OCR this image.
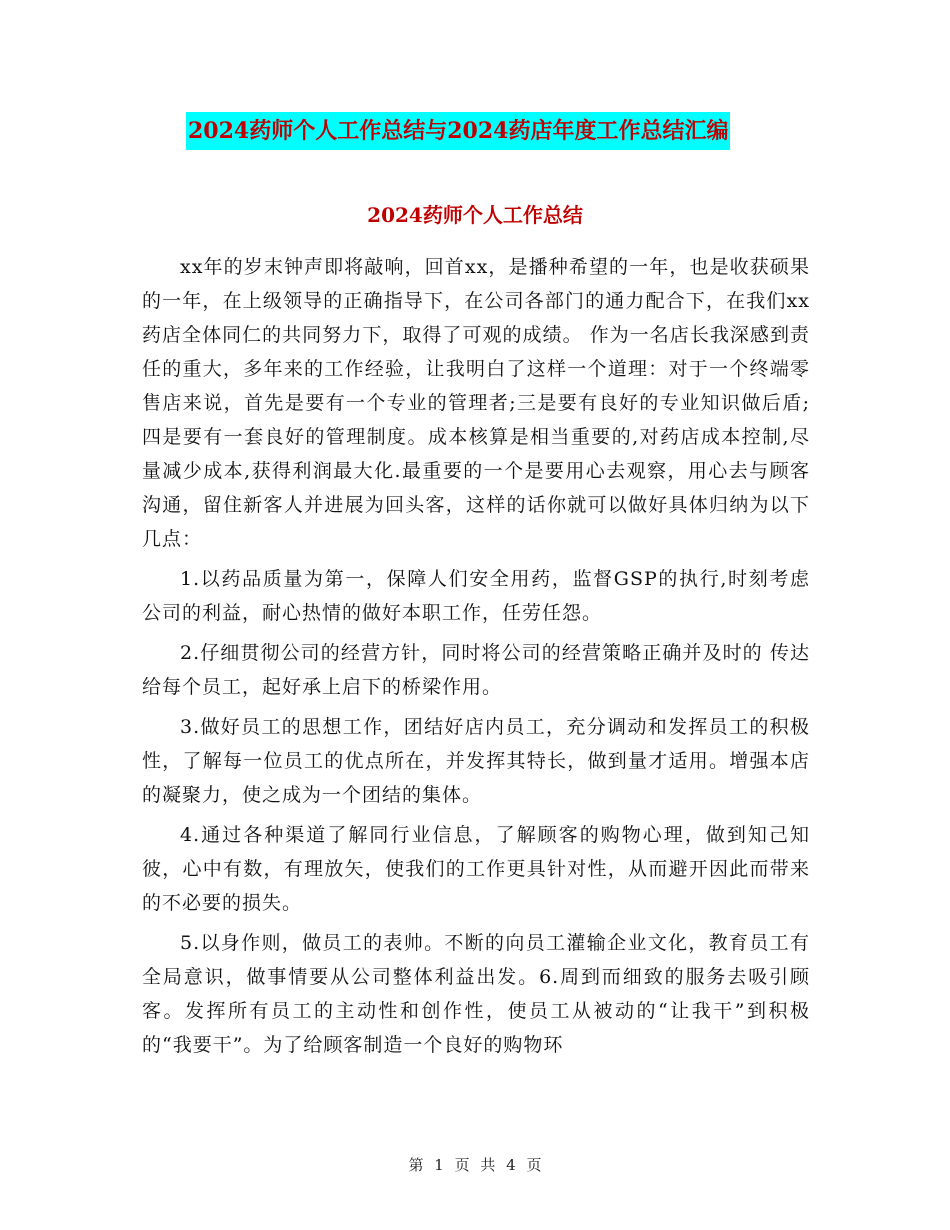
2024药师个人工作总结与2024药店年度工作总结汇编
2024药师个人工作总结

xx年的岁末钟声即将敲响，回首xx，是播种希望的一年，也是收获硕果的一年，在上级领导的正确指导下，在公司各部门的通力配合下，在我们xx药店全体同仁的共同努力下，取得了可观的成绩。 作为一名店长我深感到责任的重大，多年来的工作经验，让我明白了这样一个道理：对于一个终端零售店来说，首先是要有一个专业的管理者;三是要有良好的专业知识做后盾;四是要有一套良好的管理制度。成本核算是相当重要的,对药店成本控制,尽量减少成本,获得利润最大化.最重要的一个是要用心去观察，用心去与顾客沟通，留住新客人并进展为回头客，这样的话你就可以做好具体归纳为以下几点：

1.以药品质量为第一，保障人们安全用药，监督GSP的执行,时刻考虑公司的利益，耐心热情的做好本职工作，任劳任怨。

2.仔细贯彻公司的经营方针，同时将公司的经营策略正确并及时的 传达给每个员工，起好承上启下的桥梁作用。

3.做好员工的思想工作，团结好店内员工，充分调动和发挥员工的积极性，了解每一位员工的优点所在，并发挥其特长，做到量才适用。增强本店的凝聚力，使之成为一个团结的集体。

4.通过各种渠道了解同行业信息，了解顾客的购物心理，做到知己知彼，心中有数，有理放矢，使我们的工作更具针对性，从而避开因此而带来的不必要的损失。

5.以身作则，做员工的表帅。不断的向员工灌输企业文化，教育员工有全局意识，做事情要从公司整体利益出发。6.周到而细致的服务去吸引顾客。发挥所有员工的主动性和创作性，使员工从被动的“让我干”到积极的“我要干”。为了给顾客制造一个良好的购物环

第 1 页 共 4 页
